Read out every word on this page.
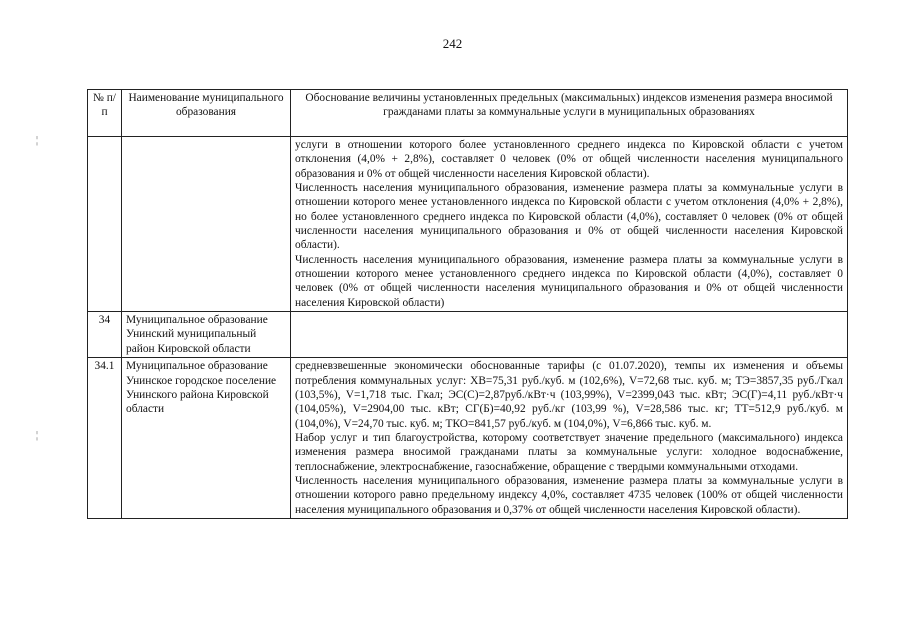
242
¦
¦
№ п/п	Наименование муниципального образования	Обоснование величины установленных предельных (максимальных) индексов изменения размера вносимой гражданами платы за коммунальные услуги в муниципальных образованиях

		услуги в отношении которого более установленного среднего индекса по Кировской области с учетом отклонения (4,0% + 2,8%), составляет 0 человек (0% от общей численности населения муниципального образования и 0% от общей численности населения Кировской области).

Численность населения муниципального образования, изменение размера платы за коммунальные услуги в отношении которого менее установленного индекса по Кировской области с учетом отклонения (4,0% + 2,8%), но более установленного среднего индекса по Кировской области (4,0%), составляет 0 человек (0% от общей численности населения муниципального образования и 0% от общей численности населения Кировской области).

Численность населения муниципального образования, изменение размера платы за коммунальные услуги в отношении которого менее установленного среднего индекса по Кировской области (4,0%), составляет 0 человек (0% от общей численности населения муниципального образования и 0% от общей численности населения Кировской области)

34	Муниципальное образование Унинский муниципальный район Кировской области	

34.1	Муниципальное образование Унинское городское поселение Унинского района Кировской области	средневзвешенные экономически обоснованные тарифы (с 01.07.2020), темпы их изменения и объемы потребления коммунальных услуг: ХВ=75,31 руб./куб. м (102,6%), V=72,68 тыс. куб. м; ТЭ=3857,35 руб./Гкал (103,5%), V=1,718 тыс. Гкал; ЭС(С)=2,87руб./кВт·ч (103,99%), V=2399,043 тыс. кВт; ЭС(Г)=4,11 руб./кВт·ч (104,05%), V=2904,00 тыс. кВт; СГ(Б)=40,92 руб./кг (103,99 %), V=28,586 тыс. кг; ТТ=512,9 руб./куб. м (104,0%), V=24,70 тыс. куб. м; ТКО=841,57 руб./куб. м (104,0%), V=6,866 тыс. куб. м.

Набор услуг и тип благоустройства, которому соответствует значение предельного (максимального) индекса изменения размера вносимой гражданами платы за коммунальные услуги: холодное водоснабжение, теплоснабжение, электроснабжение, газоснабжение, обращение с твердыми коммунальными отходами.

Численность населения муниципального образования, изменение размера платы за коммунальные услуги в отношении которого равно предельному индексу 4,0%, составляет 4735 человек (100% от общей численности населения муниципального образования и 0,37% от общей численности населения Кировской области).
